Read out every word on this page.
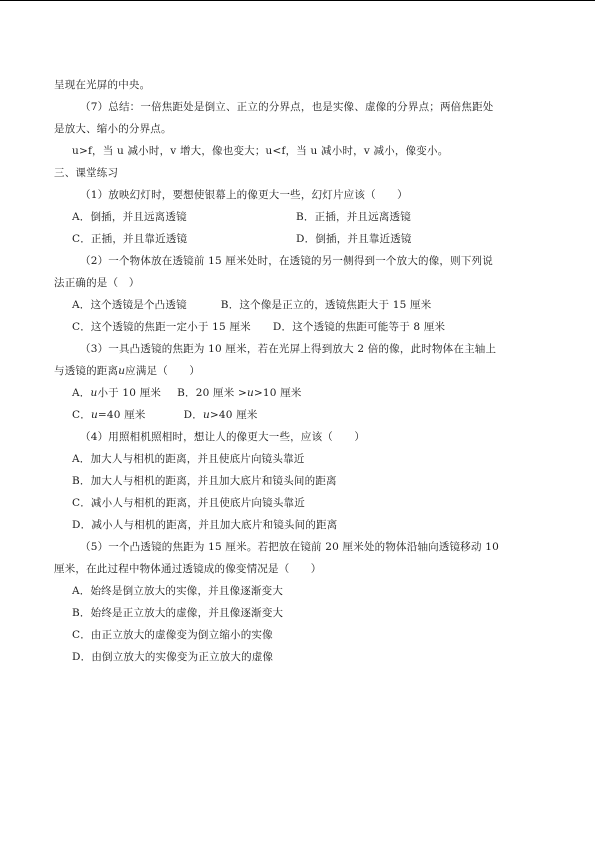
呈现在光屏的中央。
（7）总结：一倍焦距处是倒立、正立的分界点，也是实像、虚像的分界点；两倍焦距处
是放大、缩小的分界点。
u>f，当 u 减小时，v 增大，像也变大；u<f，当 u 减小时，v 减小，像变小。
三、课堂练习
（1）放映幻灯时，要想使银幕上的像更大一些，幻灯片应该（　　）
A．倒插，并且远离透镜	B．正插，并且远离透镜
C．正插，并且靠近透镜	D．倒插，并且靠近透镜
（2）一个物体放在透镜前 15 厘米处时，在透镜的另一侧得到一个放大的像，则下列说
法正确的是（　）
A．这个透镜是个凸透镜	B．这个像是正立的，透镜焦距大于 15 厘米
C．这个透镜的焦距一定小于 15 厘米 D．这个透镜的焦距可能等于 8 厘米
（3）一具凸透镜的焦距为 10 厘米，若在光屏上得到放大 2 倍的像，此时物体在主轴上
与透镜的距离u应满足（　　）
A．u小于 10 厘米 B．20 厘米 >u>10 厘米
C．u=40 厘米	D．u>40 厘米
（4）用照相机照相时，想让人的像更大一些，应该（　　）
A．加大人与相机的距离，并且使底片向镜头靠近
B．加大人与相机的距离，并且加大底片和镜头间的距离
C．减小人与相机的距离，并且使底片向镜头靠近
D．减小人与相机的距离，并且加大底片和镜头间的距离
（5）一个凸透镜的焦距为 15 厘米。若把放在镜前 20 厘米处的物体沿轴向透镜移动 10
厘米，在此过程中物体通过透镜成的像变情况是（　　）
A．始终是倒立放大的实像，并且像逐渐变大
B．始终是正立放大的虚像，并且像逐渐变大
C．由正立放大的虚像变为倒立缩小的实像
D．由倒立放大的实像变为正立放大的虚像
